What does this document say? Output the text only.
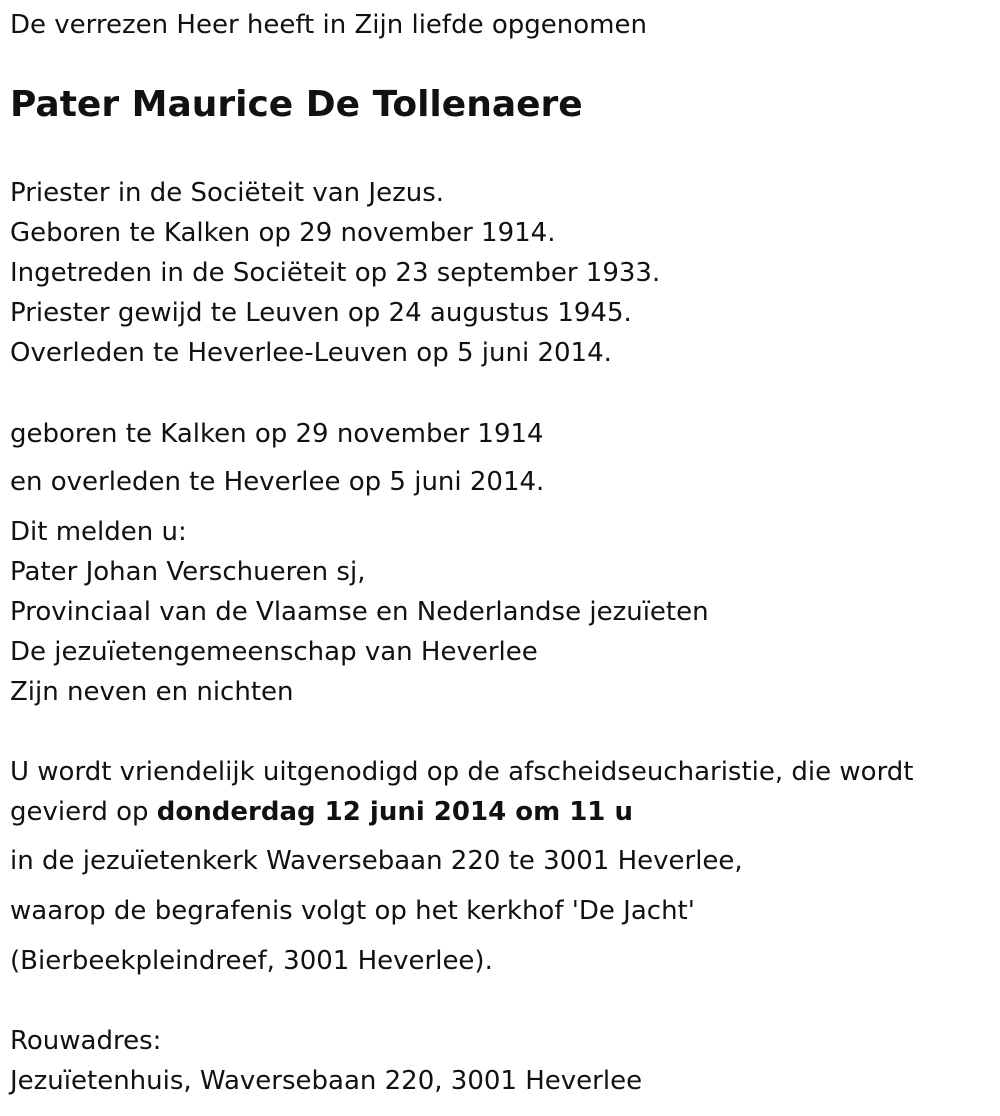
De verrezen Heer heeft in Zijn liefde opgenomen
Pater Maurice De Tollenaere
Priester in de Sociëteit van Jezus.
Geboren te Kalken op 29 november 1914.
Ingetreden in de Sociëteit op 23 september 1933.
Priester gewijd te Leuven op 24 augustus 1945.
Overleden te Heverlee-Leuven op 5 juni 2014.
geboren te Kalken op 29 november 1914
en overleden te Heverlee op 5 juni 2014.
Dit melden u:
Pater Johan Verschueren sj,
Provinciaal van de Vlaamse en Nederlandse jezuïeten
De jezuïetengemeenschap van Heverlee
Zijn neven en nichten
U wordt vriendelijk uitgenodigd op de afscheidseucharistie, die wordt
gevierd op donderdag 12 juni 2014 om 11 u
in de jezuïetenkerk Waversebaan 220 te 3001 Heverlee,
waarop de begrafenis volgt op het kerkhof 'De Jacht'
(Bierbeekpleindreef, 3001 Heverlee).
Rouwadres:
Jezuïetenhuis, Waversebaan 220, 3001 Heverlee
